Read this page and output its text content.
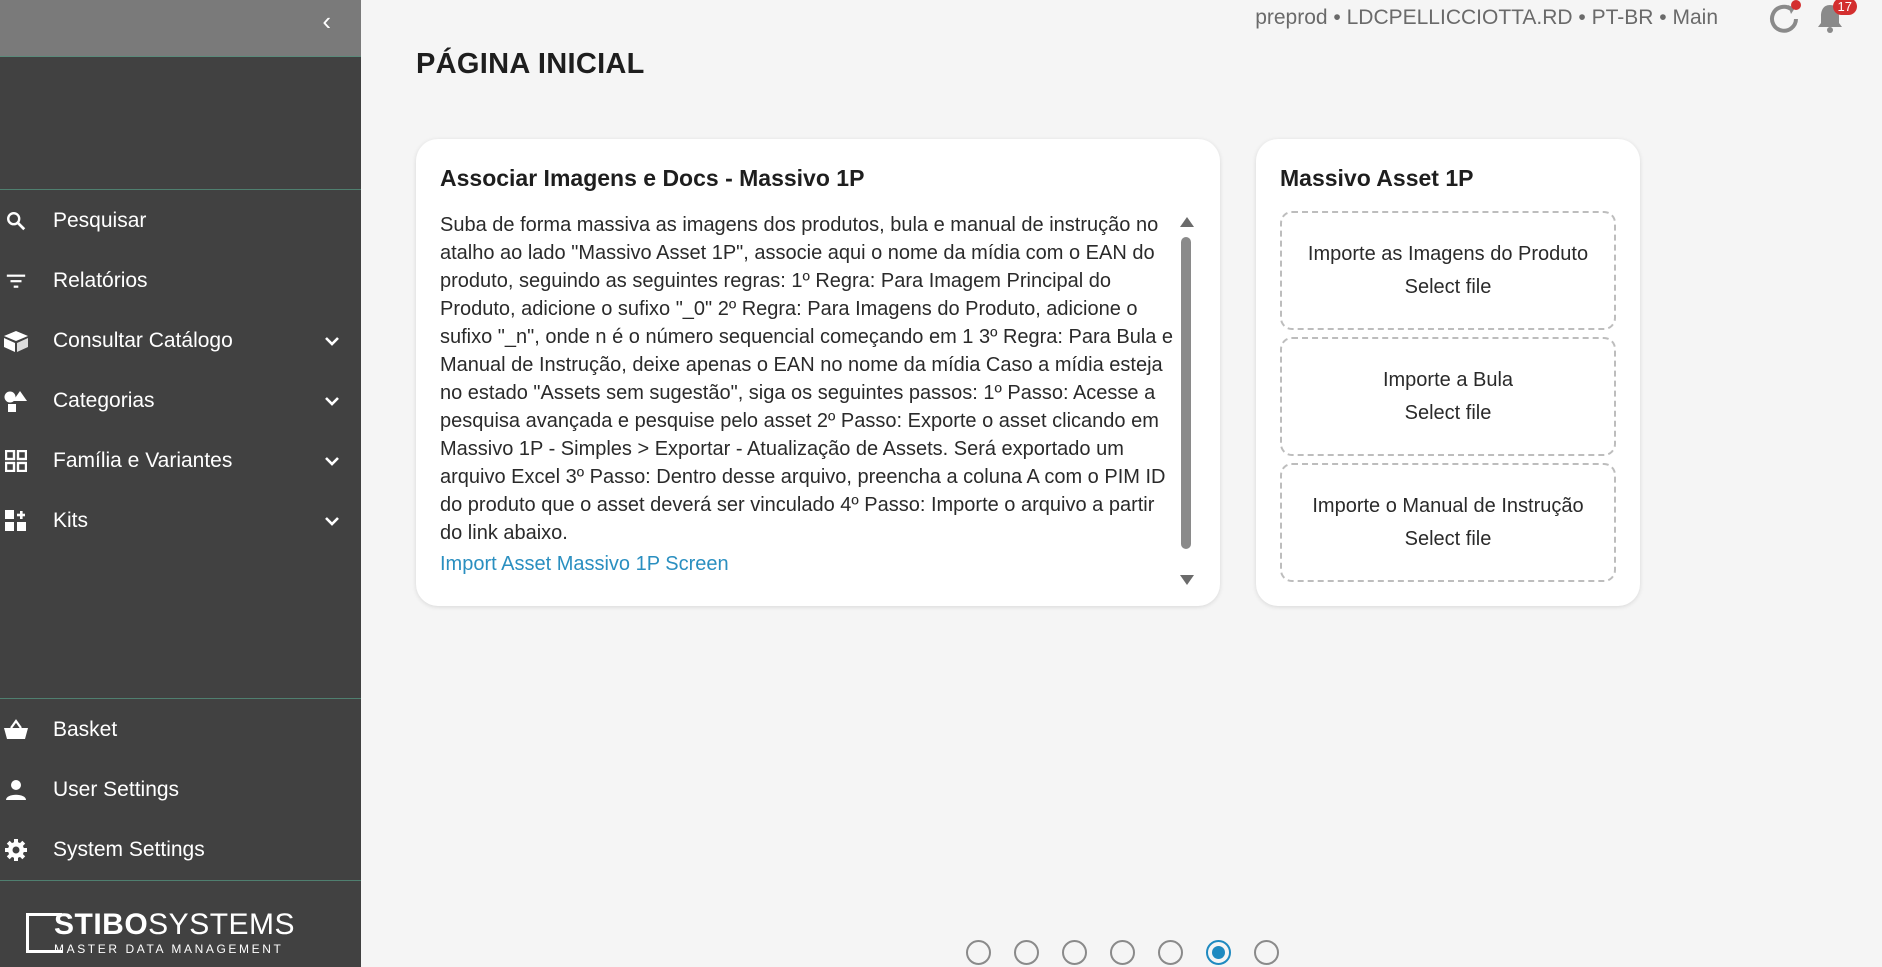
‹
Pesquisar
Relatórios
Consultar Catálogo
Categorias
Família e Variantes
Kits
Basket
User Settings
System Settings
STIBOSYSTEMS
MASTER DATA MANAGEMENT
preprod • LDCPELLICCIOTTA.RD • PT-BR • Main	17
PÁGINA INICIAL
Associar Imagens e Docs - Massivo 1P
Suba de forma massiva as imagens dos produtos, bula e manual de instrução no atalho ao lado "Massivo Asset 1P", associe aqui o nome da mídia com o EAN do produto, seguindo as seguintes regras: 1º Regra: Para Imagem Principal do Produto, adicione o sufixo "_0" 2º Regra: Para Imagens do Produto, adicione o sufixo "_n", onde n é o número sequencial começando em 1 3º Regra: Para Bula e Manual de Instrução, deixe apenas o EAN no nome da mídia Caso a mídia esteja no estado "Assets sem sugestão", siga os seguintes passos: 1º Passo: Acesse a pesquisa avançada e pesquise pelo asset 2º Passo: Exporte o asset clicando em Massivo 1P - Simples > Exportar - Atualização de Assets. Será exportado um arquivo Excel 3º Passo: Dentro desse arquivo, preencha a coluna A com o PIM ID do produto que o asset deverá ser vinculado 4º Passo: Importe o arquivo a partir do link abaixo.
Import Asset Massivo 1P Screen
Massivo Asset 1P
Importe as Imagens do Produto
Select file
Importe a Bula
Select file
Importe o Manual de Instrução
Select file
